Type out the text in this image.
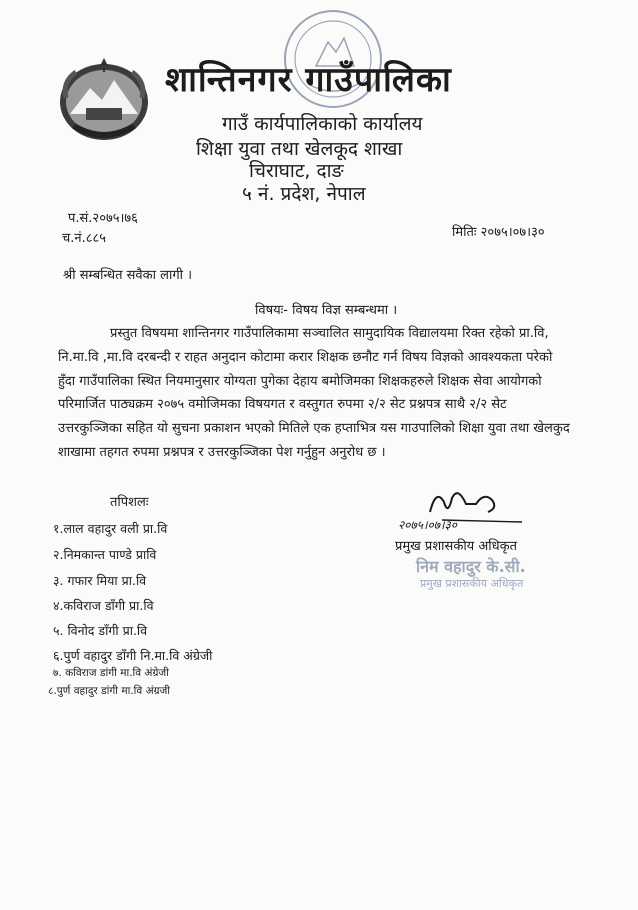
शान्तिनगर गाउँपालिका
गाउँ कार्यपालिकाको कार्यालय
शिक्षा युवा तथा खेलकूद शाखा
चिराघाट, दाङ
५ नं. प्रदेश, नेपाल
प.सं.२०७५।७६
च.नं.८८५	मितिः २०७५।०७।३०
श्री सम्बन्धित सवैका लागी ।
विषयः- विषय विज्ञ सम्बन्धमा ।
प्रस्तुत विषयमा शान्तिनगर गाउँपालिकामा सञ्चालित सामुदायिक विद्यालयमा रिक्त रहेको प्रा.वि,
नि.मा.वि ,मा.वि दरबन्दी र राहत अनुदान कोटामा करार शिक्षक छनौट गर्न विषय विज्ञको आवश्यकता परेको
हुँदा गाउँपालिका स्थित नियमानुसार योग्यता पुगेका देहाय बमोजिमका शिक्षकहरुले शिक्षक सेवा आयोगको
परिमार्जित पाठ्यक्रम २०७५ वमोजिमका विषयगत र वस्तुगत रुपमा २/२ सेट प्रश्नपत्र साथै २/२ सेट
उत्तरकुञ्जिका सहित यो सुचना प्रकाशन भएको मितिले एक हप्ताभित्र यस गाउपालिको शिक्षा युवा तथा खेलकुद
शाखामा तहगत रुपमा प्रश्नपत्र र उत्तरकुञ्जिका पेश गर्नुहुन अनुरोध छ ।
तपिशलः
१.लाल वहादुर वली प्रा.वि
२.निमकान्त पाण्डे प्रावि
३. गफार मिया प्रा.वि
४.कविराज डाँगी प्रा.वि
५. विनोद डाँगी प्रा.वि
६.पुर्ण वहादुर डाँगी नि.मा.वि अंग्रेजी
७. कविराज डांगी मा.वि अंग्रेजी
८.पुर्ण वहादुर डांगी मा.वि अंग्रजी
२०७५।०७।३०
प्रमुख प्रशासकीय अधिकृत
निम वहादुर के.सी.
प्रमुख प्रशासकीय अधिकृत
